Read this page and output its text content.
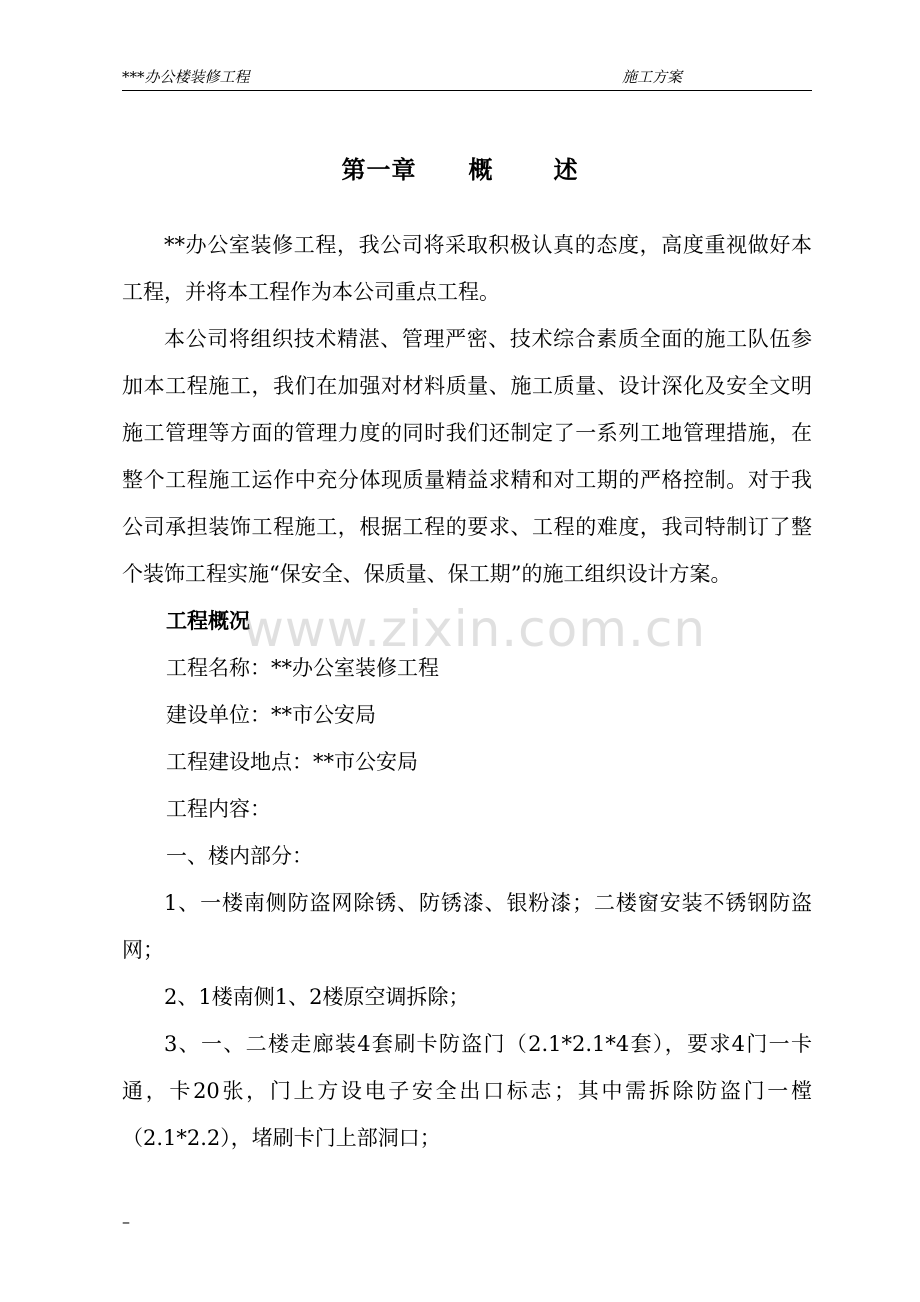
***办公楼装修工程	施工方案
第一章 概	述

**办公室装修工程，我公司将采取积极认真的态度，高度重视做好本工程，并将本工程作为本公司重点工程。

本公司将组织技术精湛、管理严密、技术综合素质全面的施工队伍参加本工程施工，我们在加强对材料质量、施工质量、设计深化及安全文明施工管理等方面的管理力度的同时我们还制定了一系列工地管理措施，在整个工程施工运作中充分体现质量精益求精和对工期的严格控制。对于我公司承担装饰工程施工，根据工程的要求、工程的难度，我司特制订了整个装饰工程实施“保安全、保质量、保工期”的施工组织设计方案。

工程概况

工程名称：**办公室装修工程

建设单位：**市公安局

工程建设地点：**市公安局

工程内容：

一、楼内部分：

1、一楼南侧防盗网除锈、防锈漆、银粉漆；二楼窗安装不锈钢防盗网；

2、1楼南侧1、2楼原空调拆除；

3、一、二楼走廊装4套刷卡防盗门（2.1*2.1*4套），要求4门一卡通，卡20张，门上方设电子安全出口标志；其中需拆除防盗门一樘（2.1*2.2），堵刷卡门上部洞口；

www.zixin.com.cn
–
